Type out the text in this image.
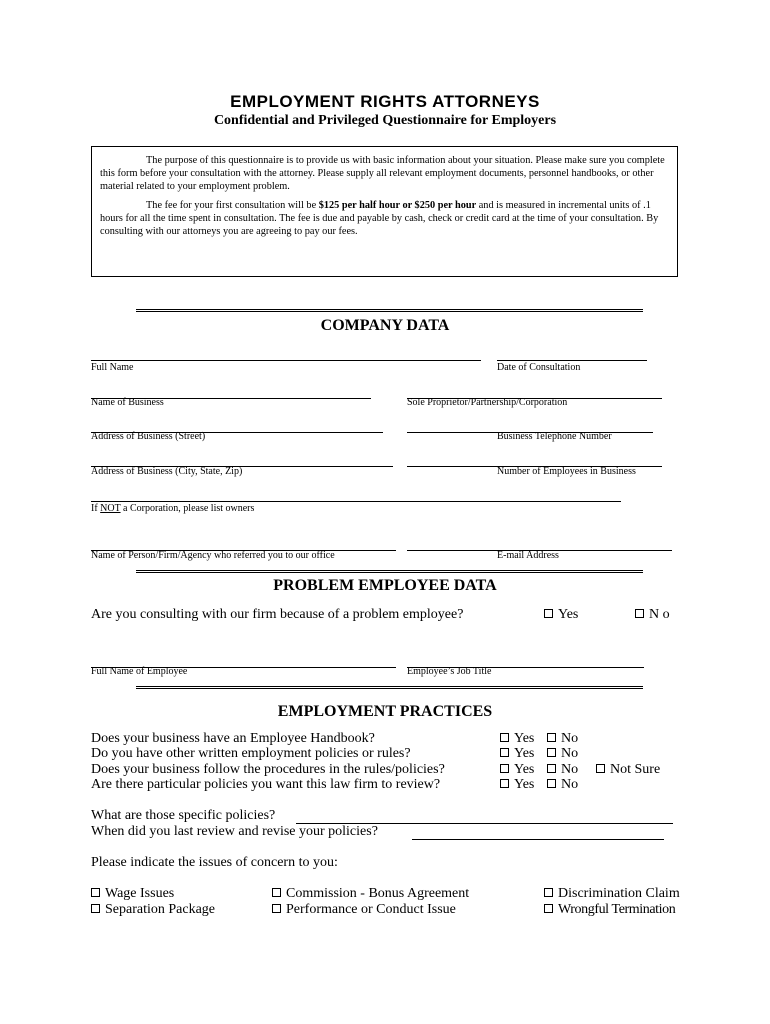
EMPLOYMENT RIGHTS ATTORNEYS
Confidential and Privileged Questionnaire for Employers

The purpose of this questionnaire is to provide us with basic information about your situation. Please make sure you complete this form before your consultation with the attorney. Please supply all relevant employment documents, personnel handbooks, or other material related to your employment problem.

The fee for your first consultation will be $125 per half hour or $250 per hour and is measured in incremental units of .1 hours for all the time spent in consultation. The fee is due and payable by cash, check or credit card at the time of your consultation. By consulting with our attorneys you are agreeing to pay our fees.

COMPANY DATA
Full Name	Date of Consultation
Name of Business	Sole Proprietor/Partnership/Corporation
Address of Business (Street)	Business Telephone Number
Address of Business (City, State, Zip)	Number of Employees in Business
If NOT a Corporation, please list owners
Name of Person/Firm/Agency who referred you to our office	E-mail Address
PROBLEM EMPLOYEE DATA
Are you consulting with our firm because of a problem employee?	Yes	N o
Full Name of Employee	Employee’s Job Title
EMPLOYMENT PRACTICES
Does your business have an Employee Handbook?	Yes	No
Do you have other written employment policies or rules?	Yes	No
Does your business follow the procedures in the rules/policies?	Yes	No	Not Sure
Are there particular policies you want this law firm to review?	Yes	No
What are those specific policies?
When did you last review and revise your policies?
Please indicate the issues of concern to you:
Wage Issues	Commission - Bonus Agreement	Discrimination Claim
Separation Package	Performance or Conduct Issue	Wrongful Termination
